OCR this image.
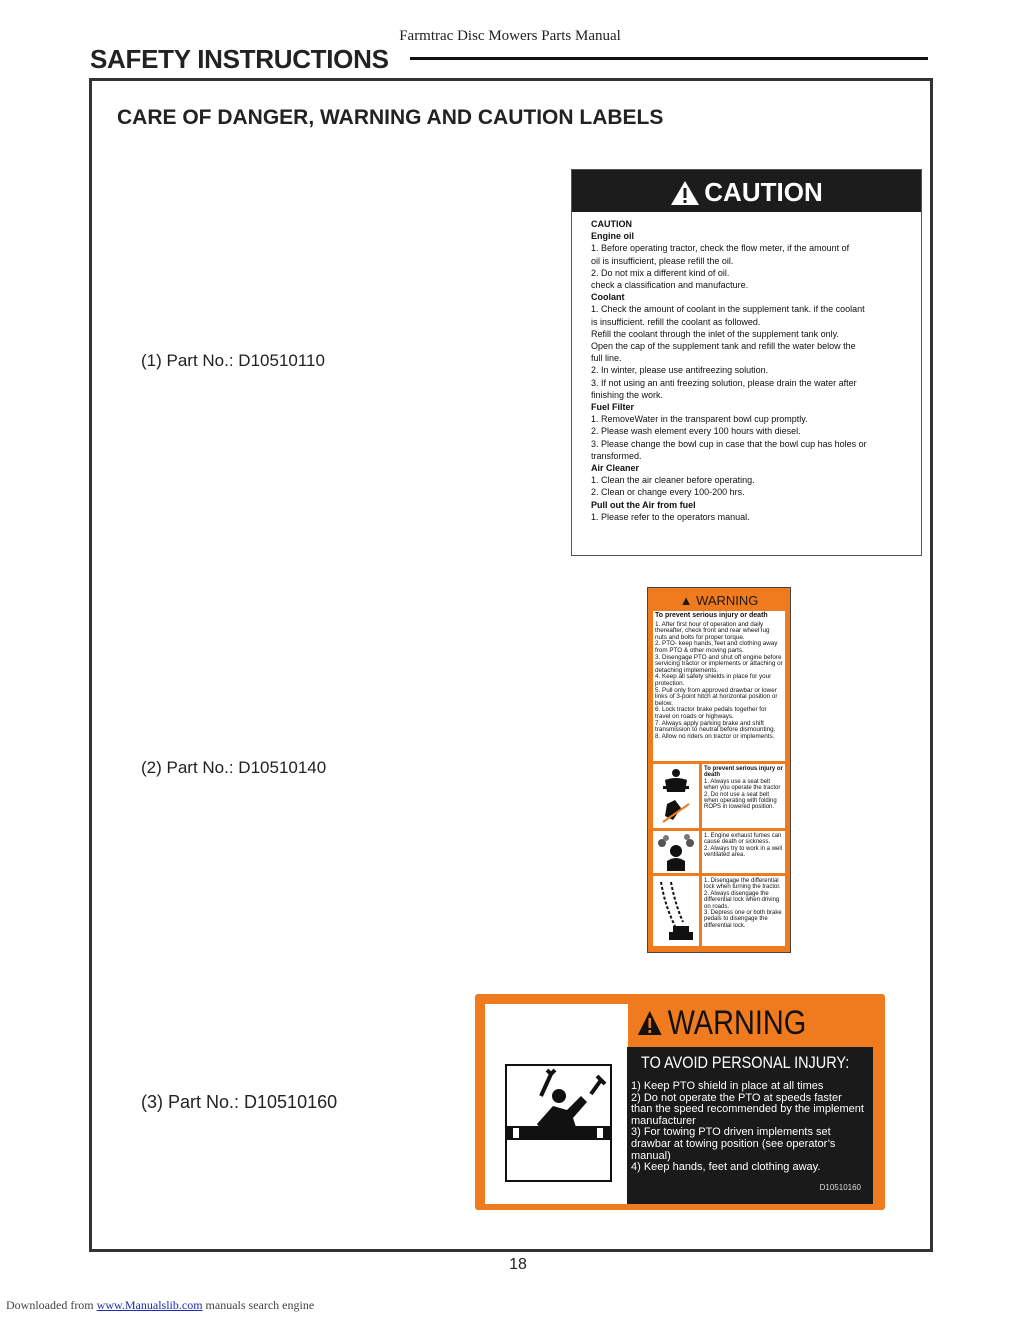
Farmtrac Disc Mowers Parts Manual
SAFETY INSTRUCTIONS
CARE OF DANGER, WARNING AND CAUTION LABELS
(1) Part No.: D10510110
(2) Part No.: D10510140
(3) Part No.: D10510160
CAUTION
CAUTION
Engine oil
1. Before operating tractor, check the flow meter, if the amount of
oil is insufficient, please refill the oil.
2. Do not mix a different kind of oil.
check a classification and manufacture.
Coolant
1. Check the amount of coolant in the supplement tank. if the coolant
is insufficient. refill the coolant as followed.
Refill the coolant through the inlet of the supplement tank only.
Open the cap of the supplement tank and refill the water below the
full line.
2. In winter, please use antifreezing solution.
3. If not using an anti freezing solution, please drain the water after
finishing the work.
Fuel Filter
1. RemoveWater in the transparent bowl cup promptly.
2. Please wash element every 100 hours with diesel.
3. Please change the bowl cup in case that the bowl cup has holes or
transformed.
Air Cleaner
1. Clean the air cleaner before operating.
2. Clean or change every 100-200 hrs.
Pull out the Air from fuel
1. Please refer to the operators manual.
▲ WARNING
To prevent serious injury or death
1. After first hour of operation and daily thereafter, check front and rear wheel lug nuts and bolts for proper torque.
2. PTO- keep hands, feet and clothing away from PTO & other moving parts.
3. Disengage PTO and shut off engine before servicing tractor or implements or attaching or detaching implements.
4. Keep all safety shields in place for your protection.
5. Pull only from approved drawbar or lower links of 3-point hitch at horizontal position or below.
6. Lock tractor brake pedals together for travel on roads or highways.
7. Always apply parking brake and shift transmission to neutral before dismounting.
8. Allow no riders on tractor or implements.
To prevent serious injury or death
1. Always use a seat belt when you operate the tractor
2. Do not use a seat belt when operating with folding ROPS in lowered position.
1. Engine exhaust fumes can cause death or sickness.
2. Always try to work in a well ventilated area.
1. Disengage the differential lock when turning the tractor.
2. Always disengage the differential lock when driving on roads.
3. Depress one or both brake pedals to disengage the differential lock.
WARNING
TO AVOID PERSONAL INJURY:
1) Keep PTO shield in place at all times
2) Do not operate the PTO at speeds faster than the speed recommended by the implement manufacturer
3) For towing PTO driven implements set drawbar at towing position (see operator’s manual)
4) Keep hands, feet and clothing away.
D10510160
18
Downloaded from www.Manualslib.com manuals search engine
